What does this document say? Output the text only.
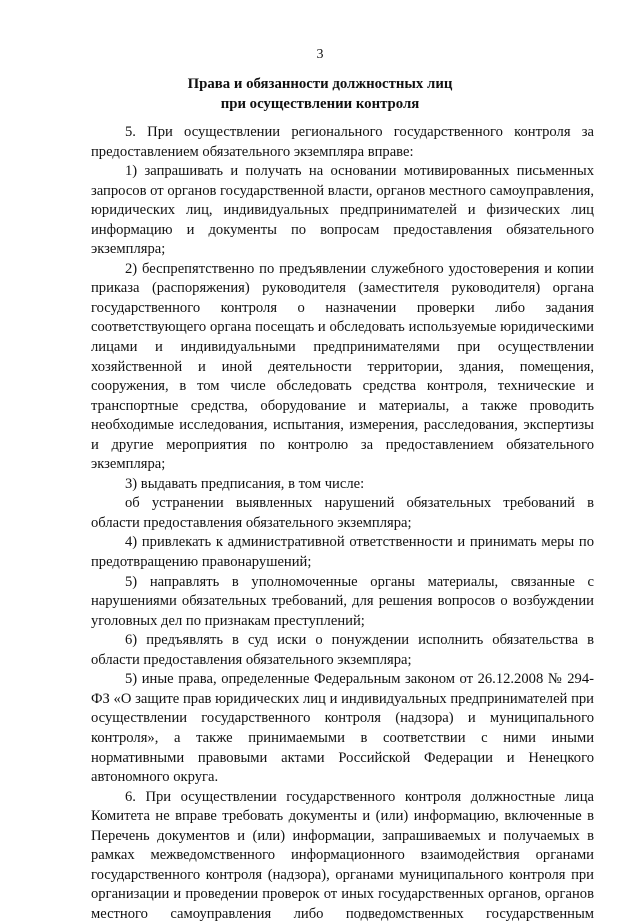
3
Права и обязанности должностных лиц
при осуществлении контроля

5. При осуществлении регионального государственного контроля за предоставлением обязательного экземпляра вправе:

1) запрашивать и получать на основании мотивированных письменных запросов от органов государственной власти, органов местного самоуправления, юридических лиц, индивидуальных предпринимателей и физических лиц информацию и документы по вопросам предоставления обязательного экземпляра;

2) беспрепятственно по предъявлении служебного удостоверения и копии приказа (распоряжения) руководителя (заместителя руководителя) органа государственного контроля о назначении проверки либо задания соответствующего органа посещать и обследовать используемые юридическими лицами и индивидуальными предпринимателями при осуществлении хозяйственной и иной деятельности территории, здания, помещения, сооружения, в том числе обследовать средства контроля, технические и транспортные средства, оборудование и материалы, а также проводить необходимые исследования, испытания, измерения, расследования, экспертизы и другие мероприятия по контролю за предоставлением обязательного экземпляра;

3) выдавать предписания, в том числе:

об устранении выявленных нарушений обязательных требований в области предоставления обязательного экземпляра;

4) привлекать к административной ответственности и принимать меры по предотвращению правонарушений;

5) направлять в уполномоченные органы материалы, связанные с нарушениями обязательных требований, для решения вопросов о возбуждении уголовных дел по признакам преступлений;

6) предъявлять в суд иски о понуждении исполнить обязательства в области предоставления обязательного экземпляра;

5) иные права, определенные Федеральным законом от 26.12.2008 № 294-ФЗ «О защите прав юридических лиц и индивидуальных предпринимателей при осуществлении государственного контроля (надзора) и муниципального контроля», а также принимаемыми в соответствии с ними иными нормативными правовыми актами Российской Федерации и Ненецкого автономного округа.

6. При осуществлении государственного контроля должностные лица Комитета не вправе требовать документы и (или) информацию, включенные в Перечень документов и (или) информации, запрашиваемых и получаемых в рамках межведомственного информационного взаимодействия органами государственного контроля (надзора), органами муниципального контроля при организации и проведении проверок от иных государственных органов, органов местного самоуправления либо подведомственных государственным
